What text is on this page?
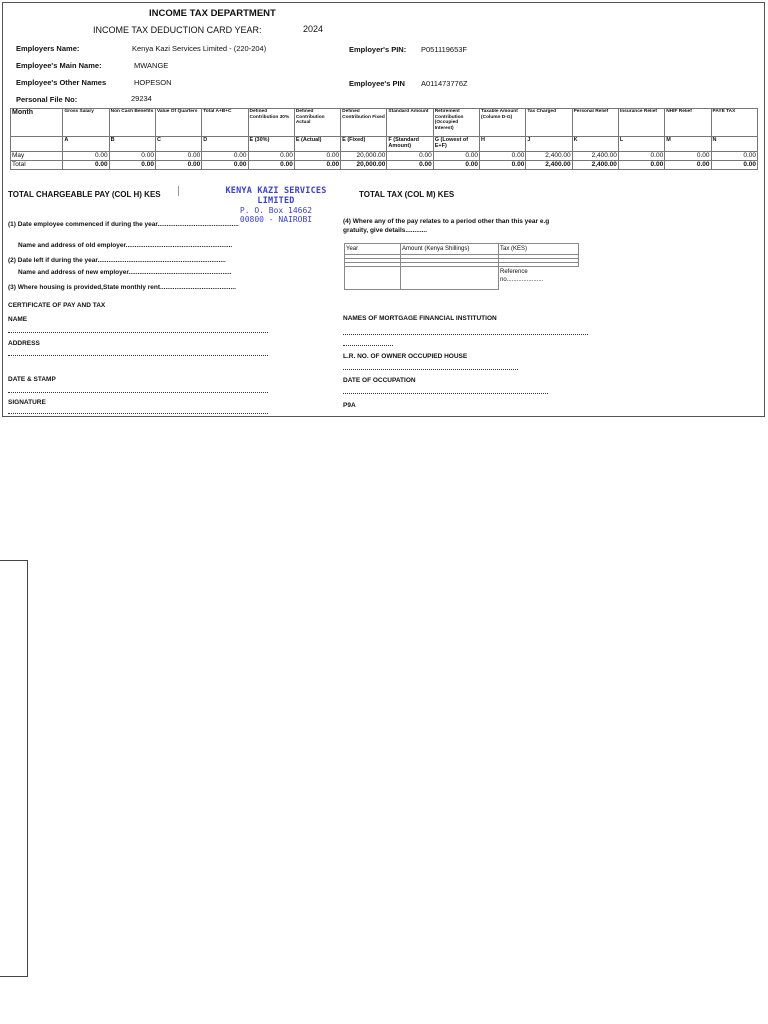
INCOME TAX DEPARTMENT
INCOME TAX DEDUCTION CARD YEAR:	2024
Employers Name:	Kenya Kazi Services Limited - (220-204)	Employer's PIN: P051119653F
Employee's Main Name:	MWANGE
Employee's Other Names	HOPESON	Employee's PIN A011473776Z
Personal File No:	29234
Month	Gross Salary	Non Cash Benefits	Value Of Quarters	Total A+B+C	Defined Contribution 30%	Defined Contribution Actual	Defined Contribution Fixed	Standard Amount	Retirement Contribution (Occupied Interest)	Taxable Amount (Column D-G)	Tax Charged	Personal Relief	Insurance Relief	NHIF Relief	PAYE TAX
	A	B	C	D	E (30%)	E (Actual)	E (Fixed)	F (Standard Amount)	G (Lowest of E+F)	H	J	K	L	M	N
May	0.00	0.00	0.00	0.00	0.00	0.00	20,000.00	0.00	0.00	0.00	2,400.00	2,400.00	0.00	0.00	0.00
Total	0.00	0.00	0.00	0.00	0.00	0.00	20,000.00	0.00	0.00	0.00	2,400.00	2,400.00	0.00	0.00	0.00
TOTAL CHARGEABLE PAY (COL H) KES	KENYA KAZI SERVICES LIMITED
P. O. Box 14662
00800 - NAIROBI
TOTAL TAX (COL M) KES
(1) Date employee commenced if during the year.............................................
Name and address of old employer...........................................................
(2) Date left if during the year.......................................................................
Name and address of new employer.........................................................
(3) Where housing is provided,State monthly rent..........................................
(4) Where any of the pay relates to a period other than this year e.g
gratuity, give details............
Year	Amount (Kenya Shillings)	Tax (KES)

		Reference
no......................
CERTIFICATE OF PAY AND TAX
NAME
ADDRESS
DATE & STAMP
SIGNATURE
NAMES OF MORTGAGE FINANCIAL INSTITUTION
L.R. NO. OF OWNER OCCUPIED HOUSE
DATE OF OCCUPATION
P9A
